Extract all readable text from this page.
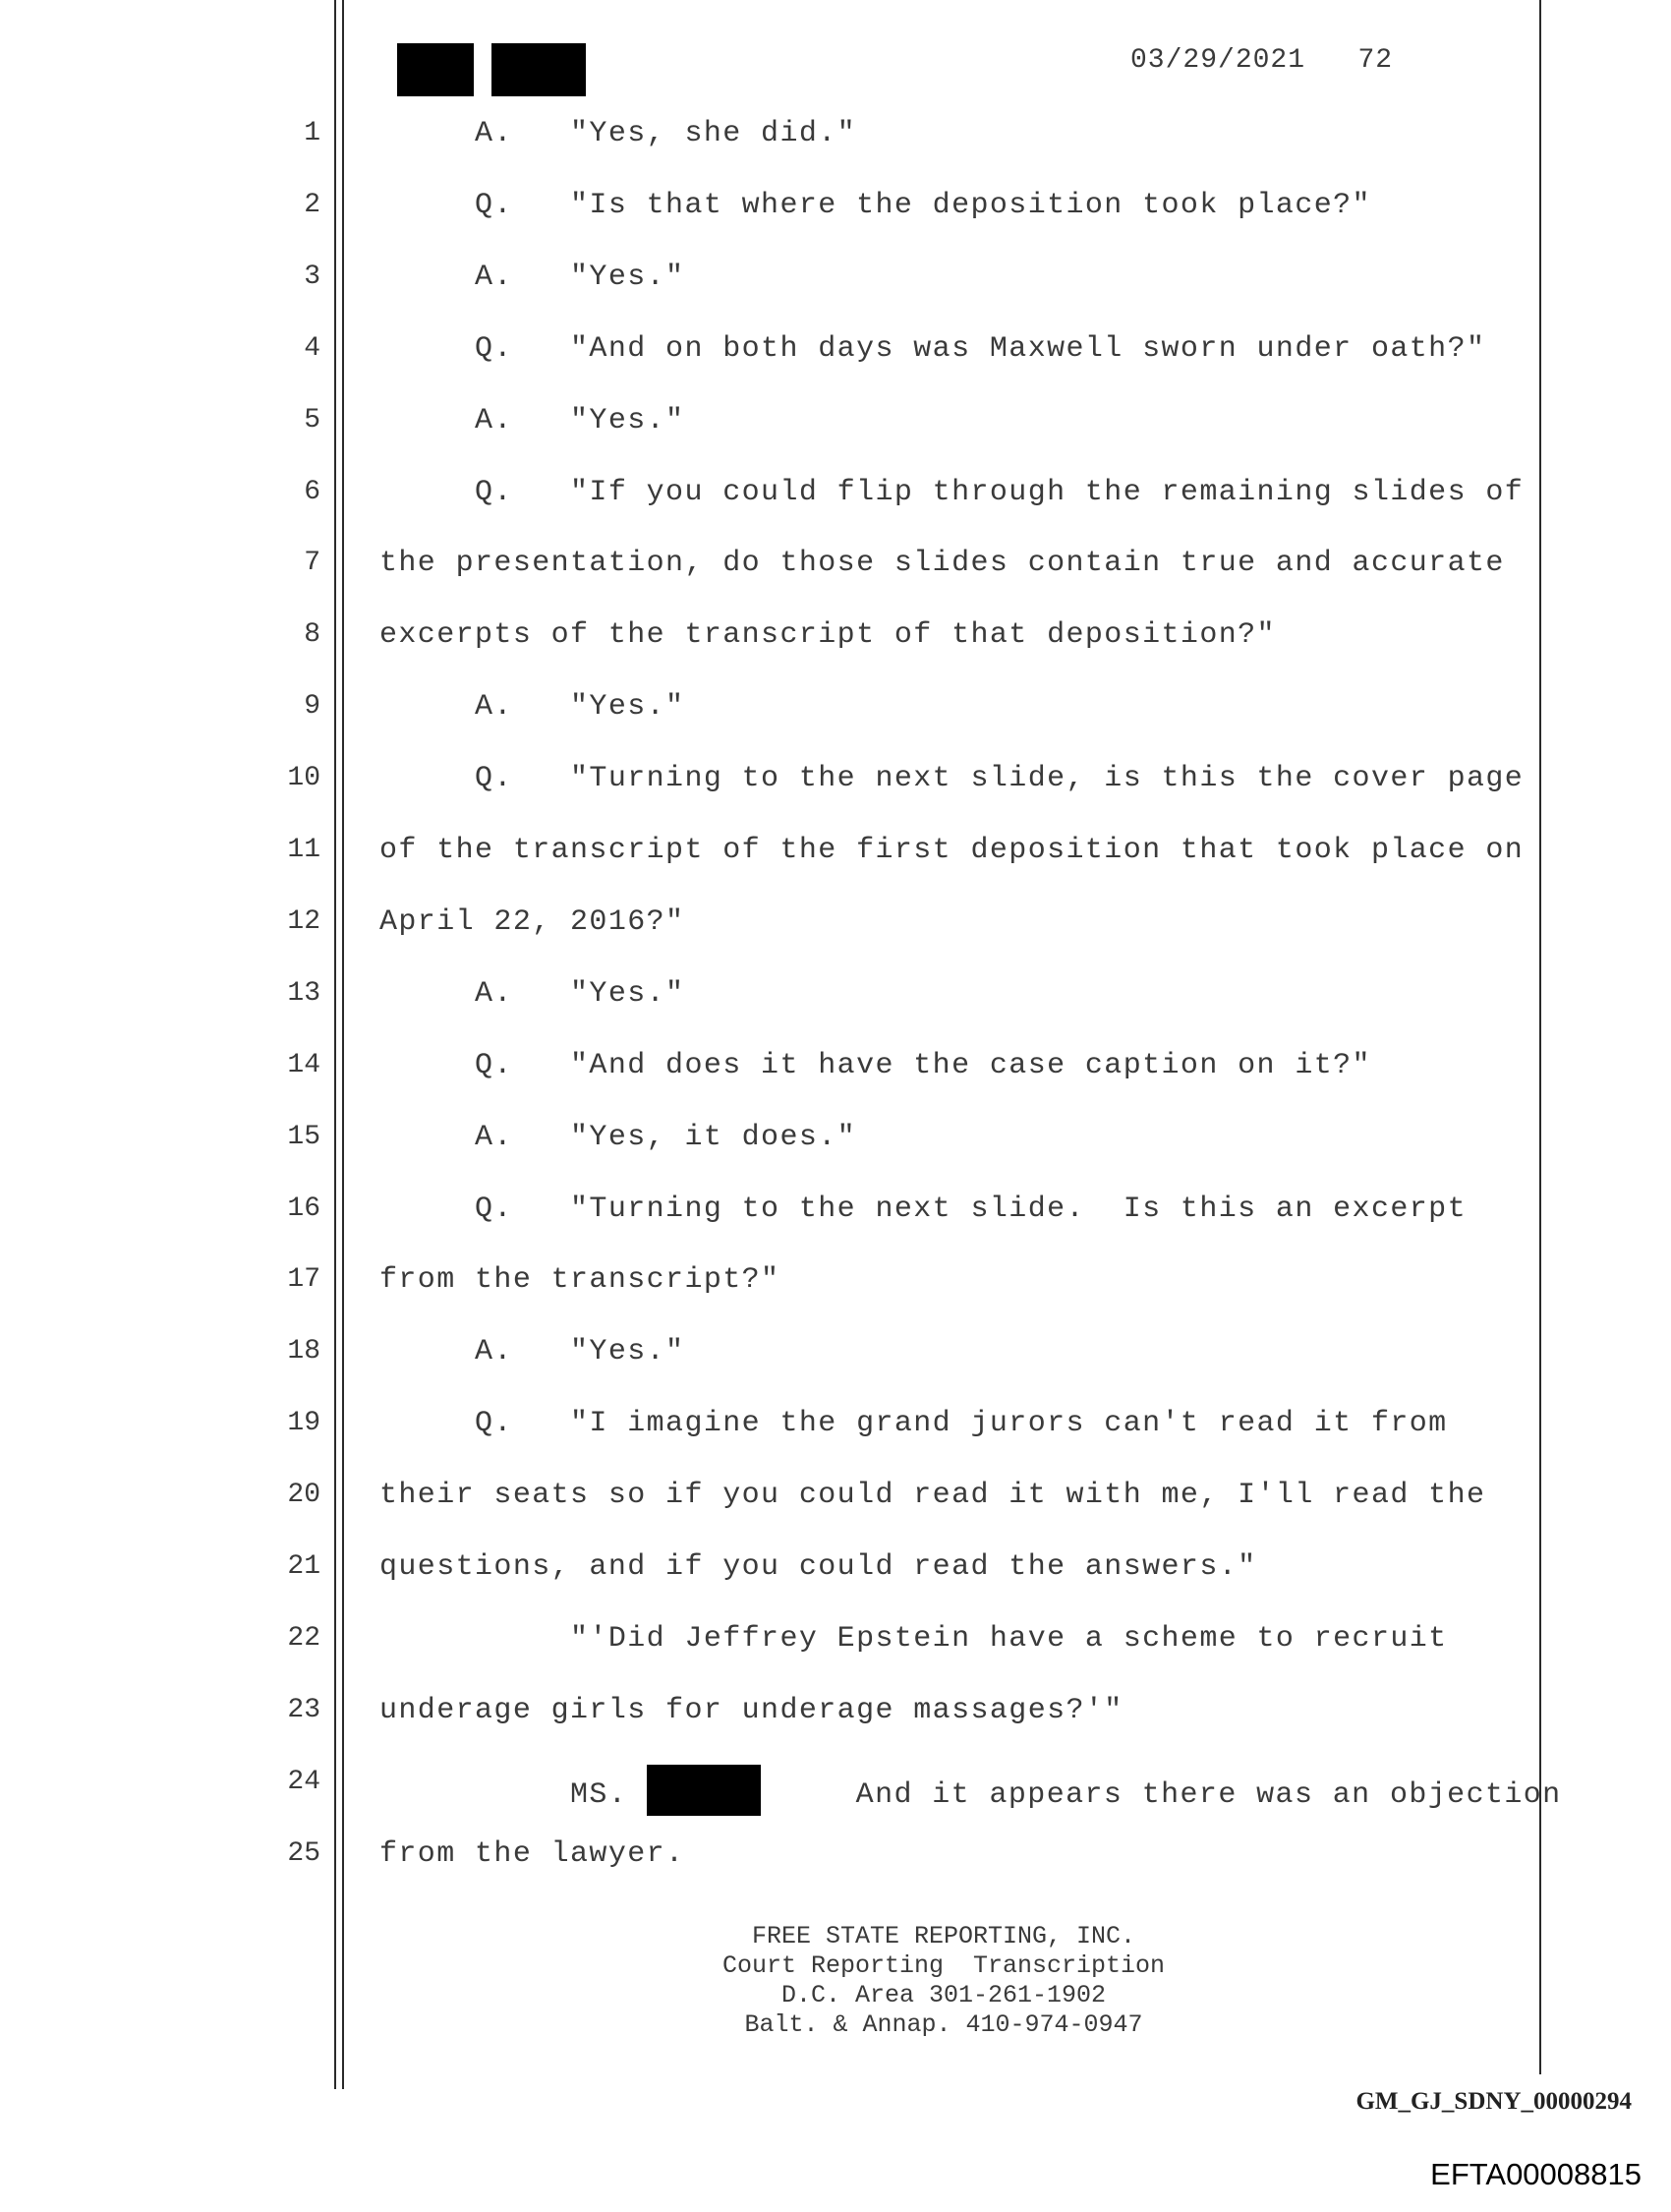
03/29/2021 72
1 A.   "Yes, she did."
2 Q.   "Is that where the deposition took place?"
3 A.   "Yes."
4 Q.   "And on both days was Maxwell sworn under oath?"
5 A.   "Yes."
6 Q.   "If you could flip through the remaining slides of
7 the presentation, do those slides contain true and accurate
8 excerpts of the transcript of that deposition?"
9 A.   "Yes."
10 Q.   "Turning to the next slide, is this the cover page
11 of the transcript of the first deposition that took place on
12 April 22, 2016?"
13 A.   "Yes."
14 Q.   "And does it have the case caption on it?"
15 A.   "Yes, it does."
16 Q.   "Turning to the next slide.  Is this an excerpt
17 from the transcript?"
18 A.   "Yes."
19 Q.   "I imagine the grand jurors can't read it from
20 their seats so if you could read it with me, I'll read the
21 questions, and if you could read the answers."
22 "'Did Jeffrey Epstein have a scheme to recruit
23 underage girls for underage massages?'"
24 MS.	And it appears there was an objection
25 from the lawyer.
FREE STATE REPORTING, INC.
Court Reporting  Transcription
D.C. Area 301-261-1902
Balt. & Annap. 410-974-0947
GM_GJ_SDNY_00000294
EFTA00008815
